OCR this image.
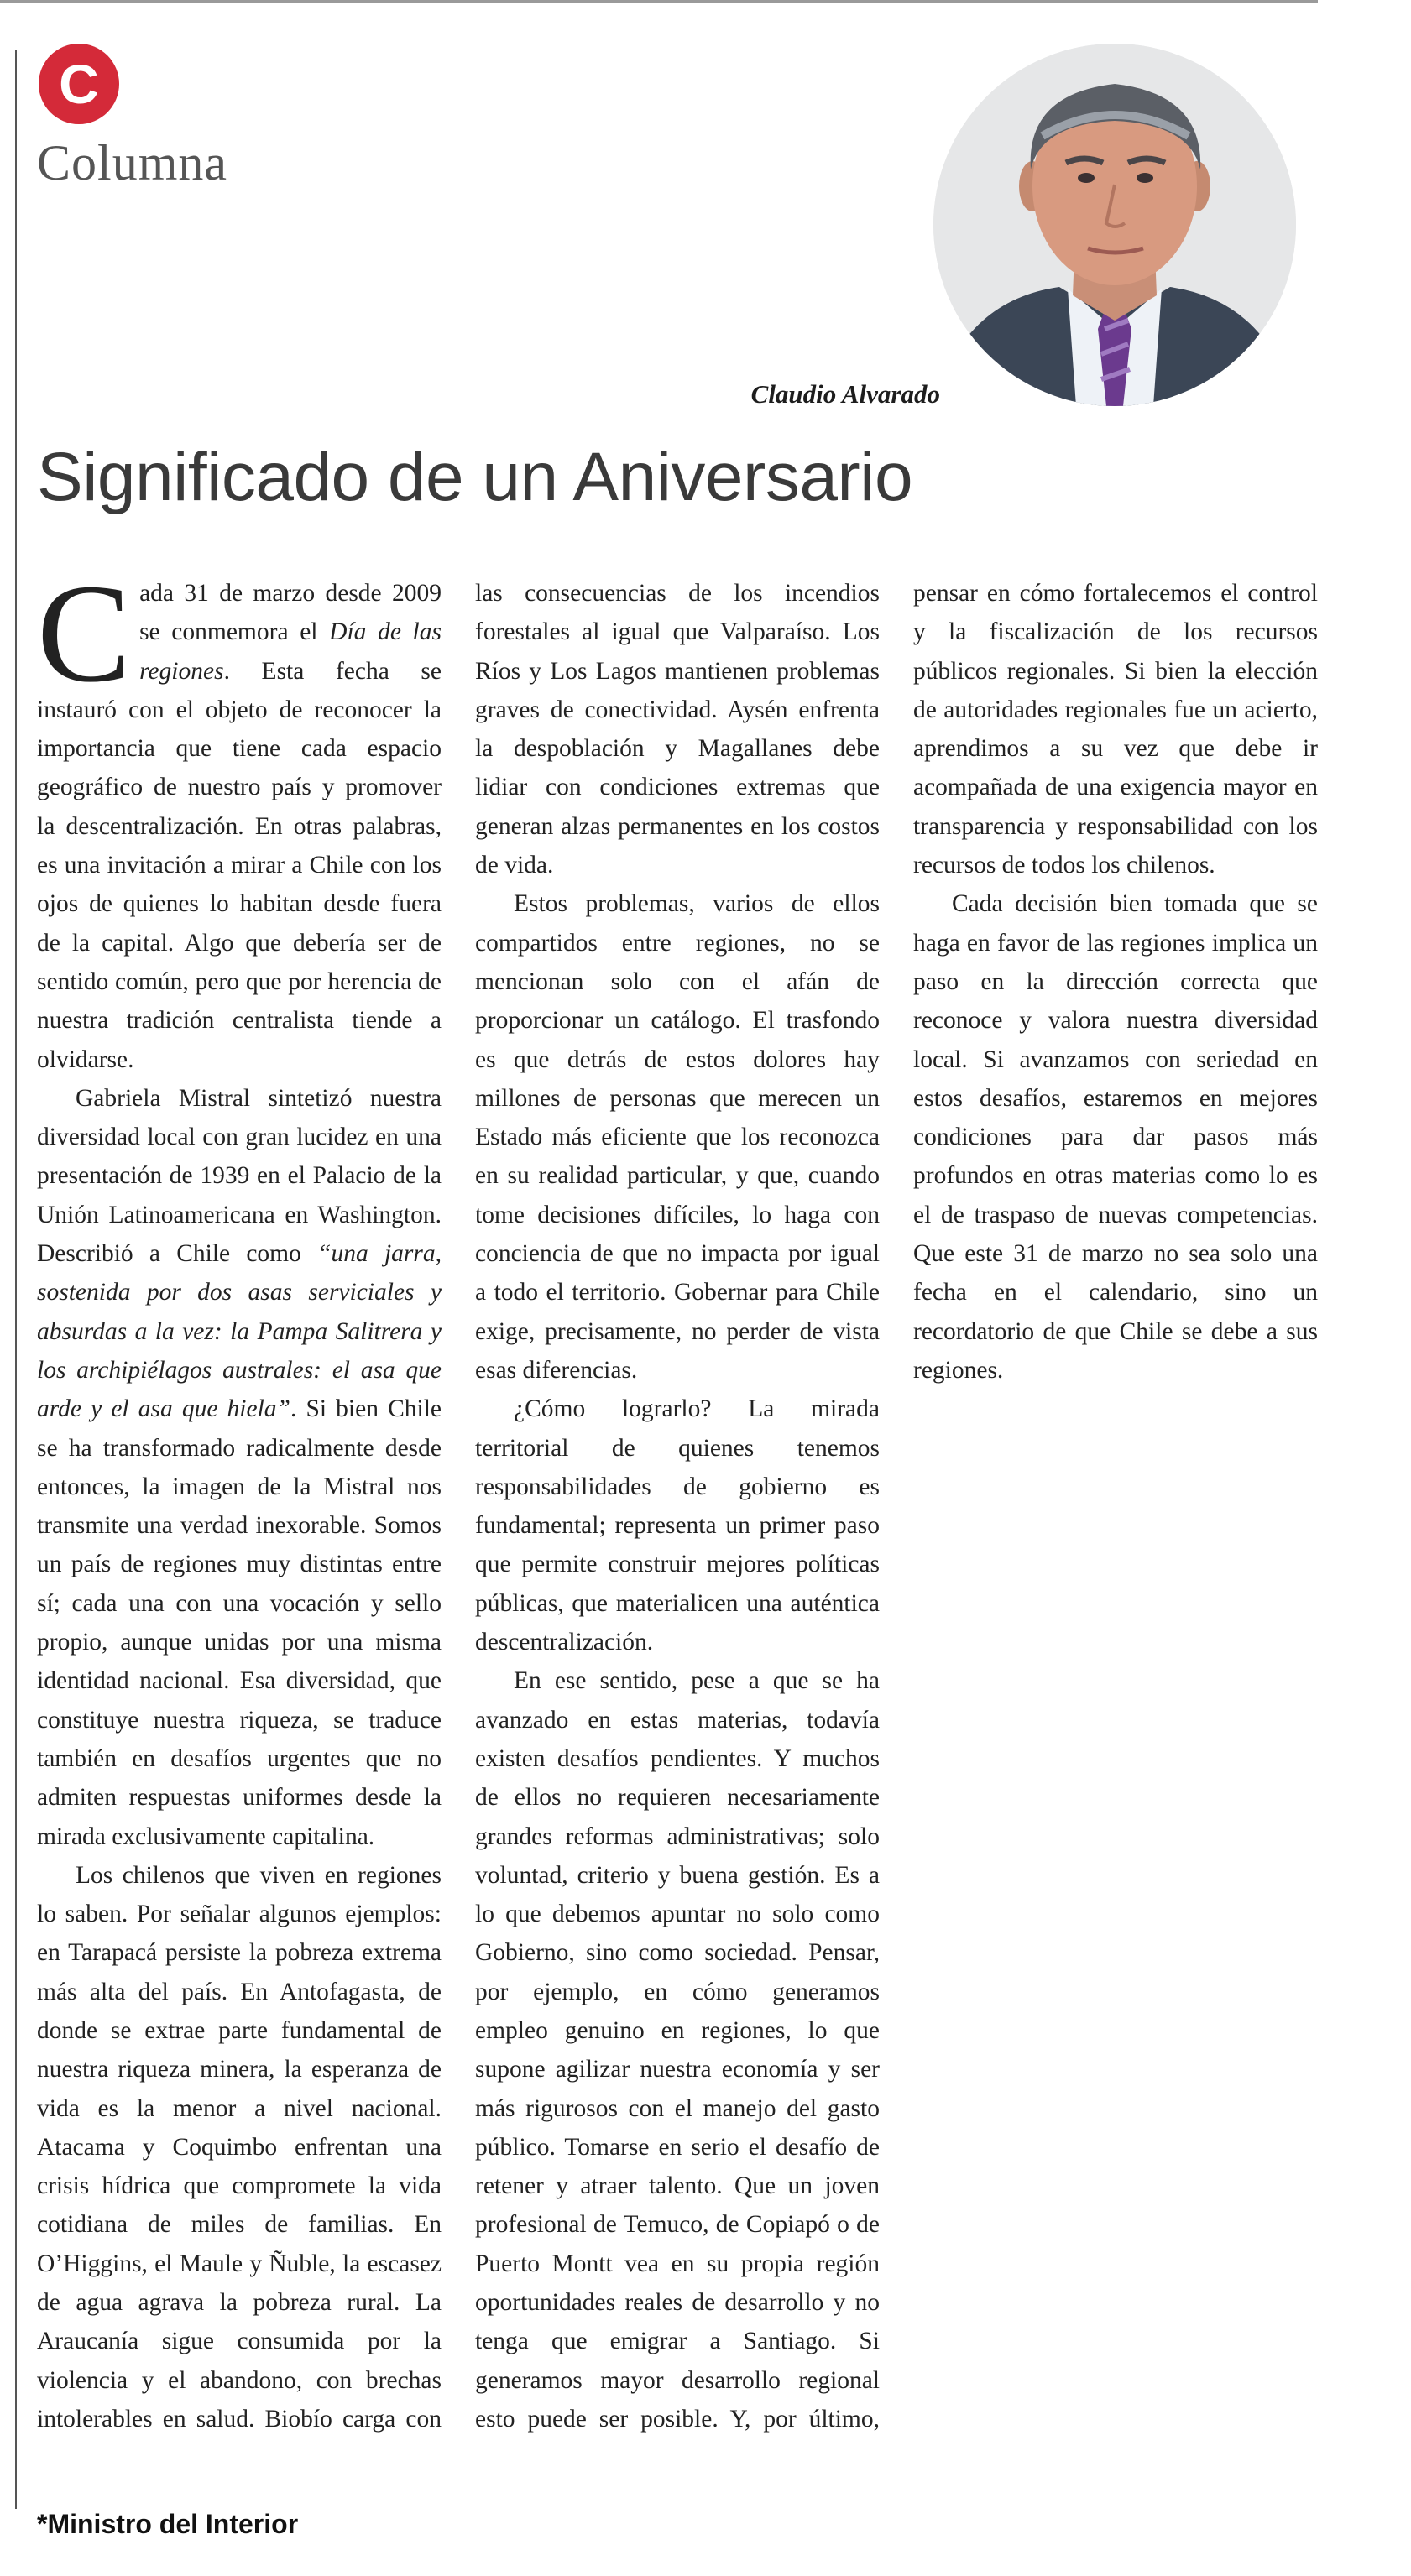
C
Columna
Claudio Alvarado
Significado de un Aniversario

Cada 31 de marzo desde 2009 se conmemora el Día de las regiones. Esta fecha se instauró con el objeto de reconocer la importancia que tiene cada espacio geográfico de nuestro país y promover la descentralización. En otras palabras, es una invitación a mirar a Chile con los ojos de quienes lo habitan desde fuera de la capital. Algo que debería ser de sentido común, pero que por herencia de nuestra tradición centralista tiende a olvidarse.

Gabriela Mistral sintetizó nuestra diversidad local con gran lucidez en una presentación de 1939 en el Palacio de la Unión Latinoamericana en Washington. Describió a Chile como “una jarra, sostenida por dos asas serviciales y absurdas a la vez: la Pampa Salitrera y los archipiélagos australes: el asa que arde y el asa que hiela”. Si bien Chile se ha transformado radicalmente desde entonces, la imagen de la Mistral nos transmite una verdad inexorable. Somos un país de regiones muy distintas entre sí; cada una con una vocación y sello propio, aunque unidas por una misma identidad nacional. Esa diversidad, que constituye nuestra riqueza, se traduce también en desafíos urgentes que no admiten respuestas uniformes desde la mirada exclusivamente capitalina.

Los chilenos que viven en regiones lo saben. Por señalar algunos ejemplos: en Tarapacá persiste la pobreza extrema más alta del país. En Antofagasta, de donde se extrae parte fundamental de nuestra riqueza minera, la esperanza de vida es la menor a nivel nacional. Atacama y Coquimbo enfrentan una crisis hídrica que compromete la vida cotidiana de miles de familias. En O’Higgins, el Maule y Ñuble, la escasez de agua agrava la pobreza rural. La Araucanía sigue consumida por la violencia y el abandono, con brechas intolerables en salud. Biobío carga con las consecuencias de los incendios forestales al igual que Valparaíso. Los Ríos y Los Lagos mantienen problemas graves de conectividad. Aysén enfrenta la despoblación y Magallanes debe lidiar con condiciones extremas que generan alzas permanentes en los costos de vida.

Estos problemas, varios de ellos compartidos entre regiones, no se mencionan solo con el afán de proporcionar un catálogo. El trasfondo es que detrás de estos dolores hay millones de personas que merecen un Estado más eficiente que los reconozca en su realidad particular, y que, cuando tome decisiones difíciles, lo haga con conciencia de que no impacta por igual a todo el territorio. Gobernar para Chile exige, precisamente, no perder de vista esas diferencias.

¿Cómo lograrlo? La mirada territorial de quienes tenemos responsabilidades de gobierno es fundamental; representa un primer paso que permite construir mejores políticas públicas, que materialicen una auténtica descentralización.

En ese sentido, pese a que se ha avanzado en estas materias, todavía existen desafíos pendientes. Y muchos de ellos no requieren necesariamente grandes reformas administrativas; solo voluntad, criterio y buena gestión. Es a lo que debemos apuntar no solo como Gobierno, sino como sociedad. Pensar, por ejemplo, en cómo generamos empleo genuino en regiones, lo que supone agilizar nuestra economía y ser más rigurosos con el manejo del gasto público. Tomarse en serio el desafío de retener y atraer talento. Que un joven profesional de Temuco, de Copiapó o de Puerto Montt vea en su propia región oportunidades reales de desarrollo y no tenga que emigrar a Santiago. Si generamos mayor desarrollo regional esto puede ser posible. Y, por último, pensar en cómo fortalecemos el control y la fiscalización de los recursos públicos regionales. Si bien la elección de autoridades regionales fue un acierto, aprendimos a su vez que debe ir acompañada de una exigencia mayor en transparencia y responsabilidad con los recursos de todos los chilenos.

Cada decisión bien tomada que se haga en favor de las regiones implica un paso en la dirección correcta que reconoce y valora nuestra diversidad local. Si avanzamos con seriedad en estos desafíos, estaremos en mejores condiciones para dar pasos más profundos en otras materias como lo es el de traspaso de nuevas competencias. Que este 31 de marzo no sea solo una fecha en el calendario, sino un recordatorio de que Chile se debe a sus regiones.

*Ministro del Interior
